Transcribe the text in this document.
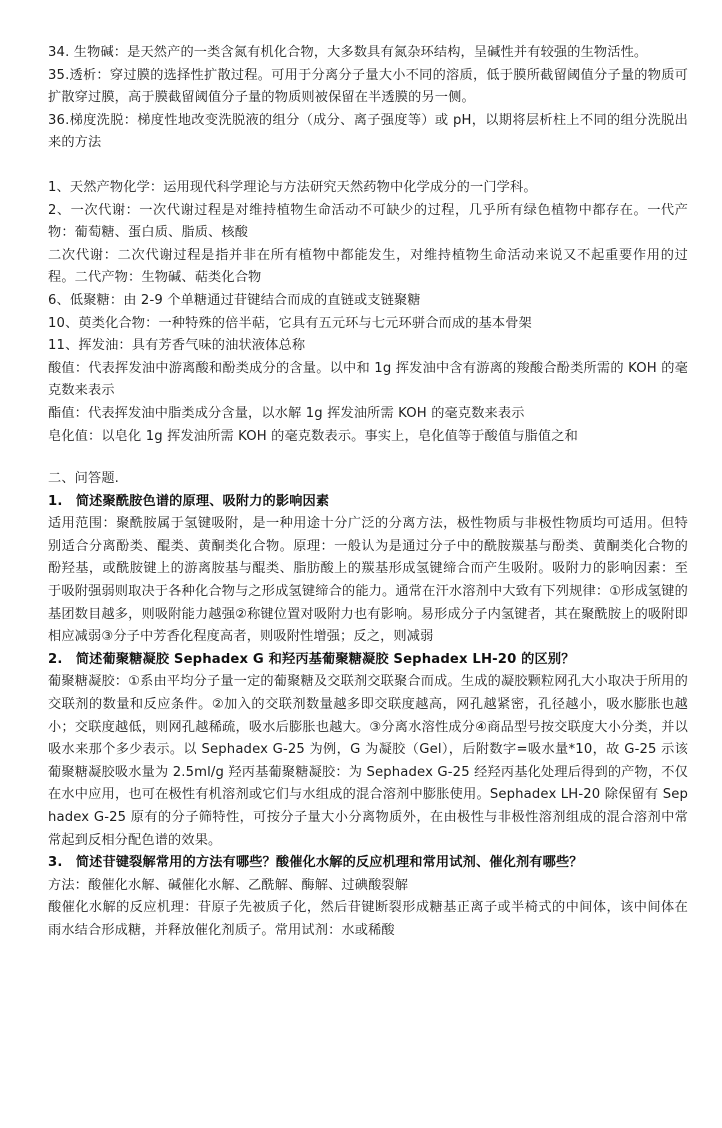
34. 生物碱：是天然产的一类含氮有机化合物，大多数具有氮杂环结构，呈碱性并有较强的生物活性。

35.透析：穿过膜的选择性扩散过程。可用于分离分子量大小不同的溶质，低于膜所截留阈值分子量的物质可扩散穿过膜，高于膜截留阈值分子量的物质则被保留在半透膜的另一侧。

36.梯度洗脱：梯度性地改变洗脱液的组分（成分、离子强度等）或 pH，以期将层析柱上不同的组分洗脱出来的方法

1、天然产物化学：运用现代科学理论与方法研究天然药物中化学成分的一门学科。

2、一次代谢：一次代谢过程是对维持植物生命活动不可缺少的过程，几乎所有绿色植物中都存在。一代产物：葡萄糖、蛋白质、脂质、核酸

二次代谢：二次代谢过程是指并非在所有植物中都能发生，对维持植物生命活动来说又不起重要作用的过程。二代产物：生物碱、萜类化合物

6、低聚糖：由 2-9 个单糖通过苷键结合而成的直链或支链聚糖

10、萸类化合物：一种特殊的倍半萜，它具有五元环与七元环骈合而成的基本骨架

11、挥发油：具有芳香气味的油状液体总称

酸值：代表挥发油中游离酸和酚类成分的含量。以中和 1g 挥发油中含有游离的羧酸合酚类所需的 KOH 的毫克数来表示

酯值：代表挥发油中脂类成分含量，以水解 1g 挥发油所需 KOH 的毫克数来表示

皂化值：以皂化 1g 挥发油所需 KOH 的毫克数表示。事实上，皂化值等于酸值与脂值之和

二、问答题.

1.　简述聚酰胺色谱的原理、吸附力的影响因素

适用范围：聚酰胺属于氢键吸附，是一种用途十分广泛的分离方法，极性物质与非极性物质均可适用。但特别适合分离酚类、醌类、黄酮类化合物。原理：一般认为是通过分子中的酰胺羰基与酚类、黄酮类化合物的酚羟基，或酰胺键上的游离胺基与醌类、脂肪酸上的羰基形成氢键缔合而产生吸附。吸附力的影响因素：至于吸附强弱则取决于各种化合物与之形成氢键缔合的能力。通常在汗水溶剂中大致有下列规律：①形成氢键的基团数目越多，则吸附能力越强②称键位置对吸附力也有影响。易形成分子内氢键者，其在聚酰胺上的吸附即相应减弱③分子中芳香化程度高者，则吸附性增强；反之，则减弱

2.　简述葡聚糖凝胶 Sephadex G 和羟丙基葡聚糖凝胶 Sephadex LH-20 的区别？

葡聚糖凝胶：①系由平均分子量一定的葡聚糖及交联剂交联聚合而成。生成的凝胶颗粒网孔大小取决于所用的交联剂的数量和反应条件。②加入的交联剂数量越多即交联度越高，网孔越紧密，孔径越小，吸水膨胀也越小；交联度越低，则网孔越稀疏，吸水后膨胀也越大。③分离水溶性成分④商品型号按交联度大小分类，并以吸水来那个多少表示。以 Sephadex G-25 为例，G 为凝胶（Gel），后附数字=吸水量*10，故 G-25 示该葡聚糖凝胶吸水量为 2.5ml/g 羟丙基葡聚糖凝胶：为 Sephadex G-25 经羟丙基化处理后得到的产物，不仅在水中应用，也可在极性有机溶剂或它们与水组成的混合溶剂中膨胀使用。Sephadex LH-20 除保留有 Sephadex G-25 原有的分子筛特性，可按分子量大小分离物质外，在由极性与非极性溶剂组成的混合溶剂中常常起到反相分配色谱的效果。

3.　简述苷键裂解常用的方法有哪些？酸催化水解的反应机理和常用试剂、催化剂有哪些？

方法：酸催化水解、碱催化水解、乙酰解、酶解、过碘酸裂解

酸催化水解的反应机理：苷原子先被质子化，然后苷键断裂形成糖基正离子或半椅式的中间体，该中间体在雨水结合形成糖，并释放催化剂质子。常用试剂：水或稀酸
